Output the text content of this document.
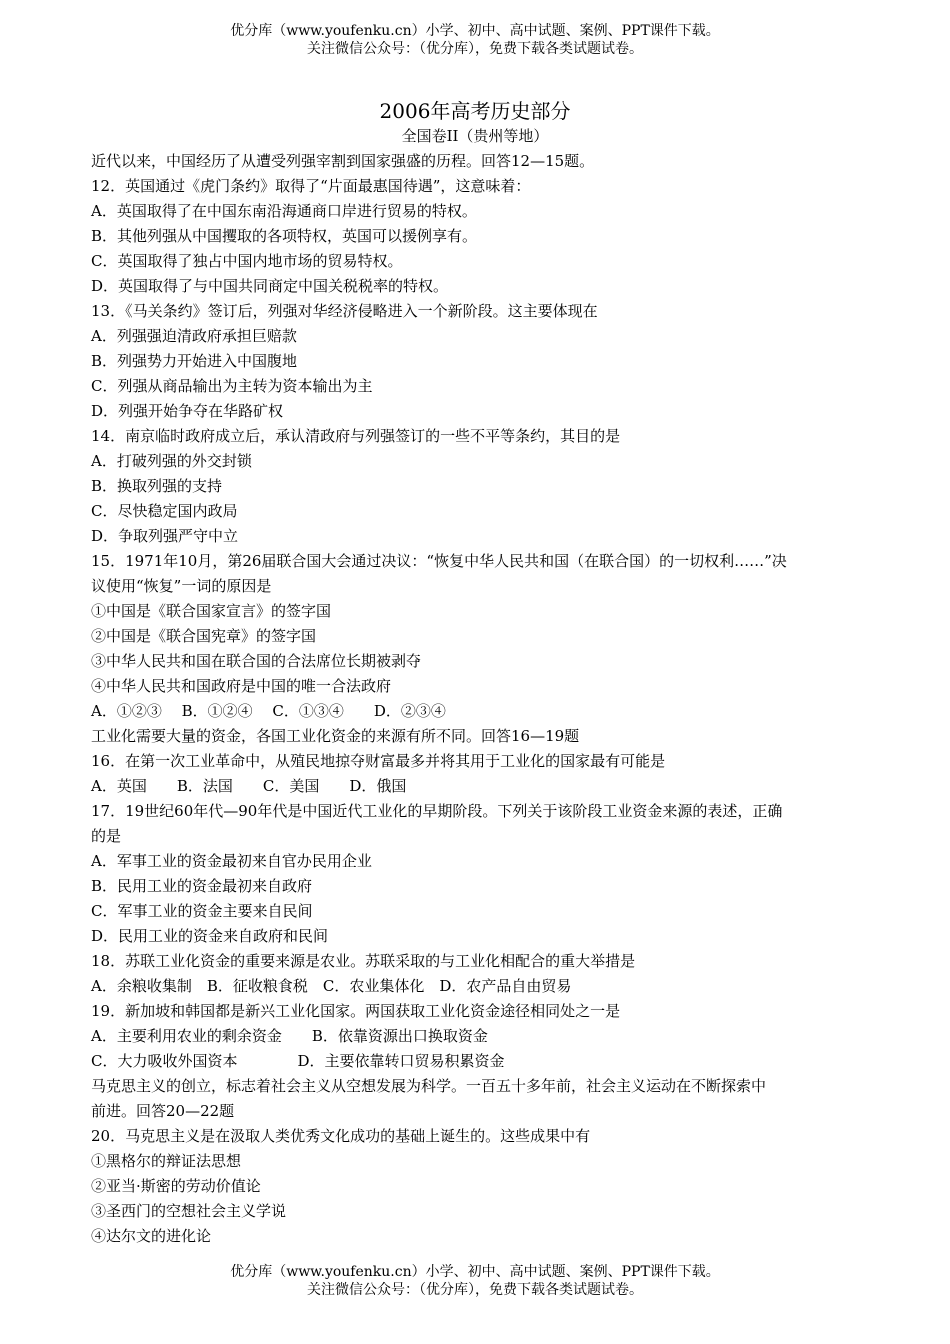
优分库（www.youfenku.cn）小学、初中、高中试题、案例、PPT课件下载。
关注微信公众号：（优分库），免费下载各类试题试卷。
2006年高考历史部分
全国卷II（贵州等地）
近代以来，中国经历了从遭受列强宰割到国家强盛的历程。回答12—15题。
12．英国通过《虎门条约》取得了“片面最惠国待遇”，这意味着：
A．英国取得了在中国东南沿海通商口岸进行贸易的特权。
B．其他列强从中国攫取的各项特权，英国可以援例享有。
C．英国取得了独占中国内地市场的贸易特权。
D．英国取得了与中国共同商定中国关税税率的特权。
13．《马关条约》签订后，列强对华经济侵略进入一个新阶段。这主要体现在
A．列强强迫清政府承担巨赔款
B．列强势力开始进入中国腹地
C．列强从商品输出为主转为资本输出为主
D．列强开始争夺在华路矿权
14．南京临时政府成立后，承认清政府与列强签订的一些不平等条约，其目的是
A．打破列强的外交封锁
B．换取列强的支持
C．尽快稳定国内政局
D．争取列强严守中立
15．1971年10月，第26届联合国大会通过决议：“恢复中华人民共和国（在联合国）的一切权利……”决
议使用“恢复”一词的原因是
①中国是《联合国家宣言》的签字国
②中国是《联合国宪章》的签字国
③中华人民共和国在联合国的合法席位长期被剥夺
④中华人民共和国政府是中国的唯一合法政府
A．①②③　 B．①②④　 C．①③④　　D．②③④
工业化需要大量的资金，各国工业化资金的来源有所不同。回答16—19题
16．在第一次工业革命中，从殖民地掠夺财富最多并将其用于工业化的国家最有可能是
A．英国　　B．法国　　C．美国　　D．俄国
17．19世纪60年代—90年代是中国近代工业化的早期阶段。下列关于该阶段工业资金来源的表述，正确
的是
A．军事工业的资金最初来自官办民用企业
B．民用工业的资金最初来自政府
C．军事工业的资金主要来自民间
D．民用工业的资金来自政府和民间
18．苏联工业化资金的重要来源是农业。苏联采取的与工业化相配合的重大举措是
A．余粮收集制　B．征收粮食税　C．农业集体化　D．农产品自由贸易
19．新加坡和韩国都是新兴工业化国家。两国获取工业化资金途径相同处之一是
A．主要利用农业的剩余资金　　B．依靠资源出口换取资金
C．大力吸收外国资本　　　　D．主要依靠转口贸易积累资金
马克思主义的创立，标志着社会主义从空想发展为科学。一百五十多年前，社会主义运动在不断探索中
前进。回答20—22题
20．马克思主义是在汲取人类优秀文化成功的基础上诞生的。这些成果中有
①黑格尔的辩证法思想
②亚当·斯密的劳动价值论
③圣西门的空想社会主义学说
④达尔文的进化论
优分库（www.youfenku.cn）小学、初中、高中试题、案例、PPT课件下载。
关注微信公众号：（优分库），免费下载各类试题试卷。
